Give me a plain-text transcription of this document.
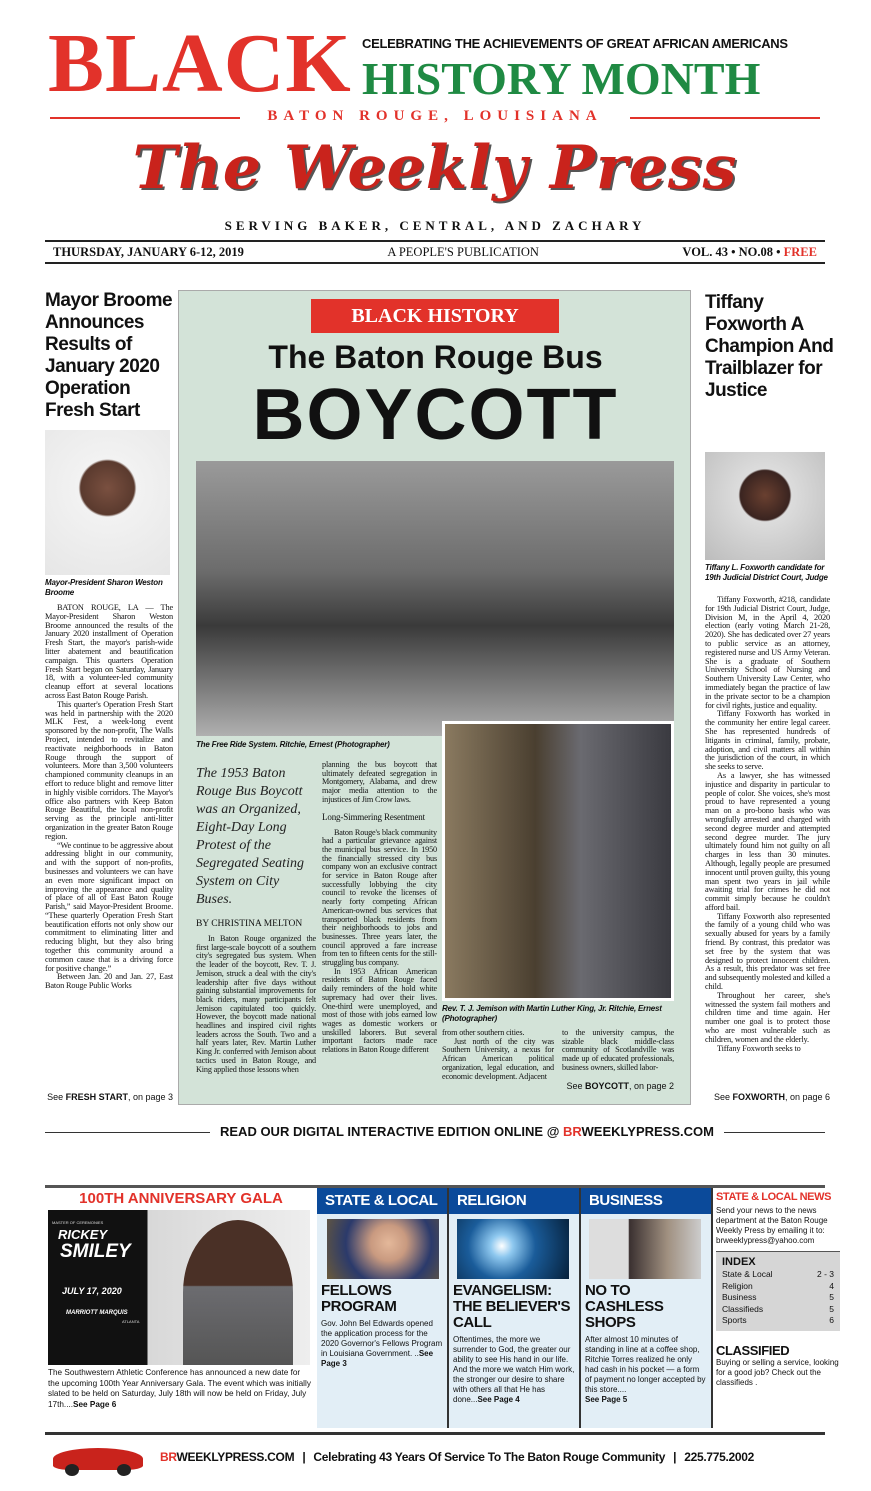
BLACK CELEBRATING THE ACHIEVEMENTS OF GREAT AFRICAN AMERICANS
HISTORY MONTH
BATON ROUGE, LOUISIANA
The Weekly Press
SERVING BAKER, CENTRAL, AND ZACHARY
THURSDAY, JANUARY 6-12, 2019	A PEOPLE'S PUBLICATION	VOL. 43 • NO.08 • FREE
Mayor Broome Announces Results of January 2020 Operation Fresh Start
Mayor-President Sharon Weston Broome

BATON ROUGE, LA — The Mayor-President Sharon Weston Broome announced the results of the January 2020 installment of Operation Fresh Start, the mayor's parish-wide litter abatement and beautification campaign. This quarters Operation Fresh Start began on Saturday, January 18, with a volunteer-led community cleanup effort at several locations across East Baton Rouge Parish.

This quarter's Operation Fresh Start was held in partnership with the 2020 MLK Fest, a week-long event sponsored by the non-profit, The Walls Project, intended to revitalize and reactivate neighborhoods in Baton Rouge through the support of volunteers. More than 3,500 volunteers championed community cleanups in an effort to reduce blight and remove litter in highly visible corridors. The Mayor's office also partners with Keep Baton Rouge Beautiful, the local non-profit serving as the principle anti-litter organization in the greater Baton Rouge region.

“We continue to be aggressive about addressing blight in our community, and with the support of non-profits, businesses and volunteers we can have an even more significant impact on improving the appearance and quality of place of all of East Baton Rouge Parish,” said Mayor-President Broome. “These quarterly Operation Fresh Start beautification efforts not only show our commitment to eliminating litter and reducing blight, but they also bring together this community around a common cause that is a driving force for positive change.”

Between Jan. 20 and Jan. 27, East Baton Rouge Public Works

See FRESH START, on page 3
BLACK HISTORY
The Baton Rouge Bus
BOYCOTT
The Free Ride System. Ritchie, Ernest (Photographer)
Rev. T. J. Jemison with Martin Luther King, Jr. Ritchie, Ernest (Photographer)
The 1953 Baton Rouge Bus Boycott was an Organized, Eight-Day Long Protest of the Segregated Seating System on City Buses.
BY CHRISTINA MELTON

In Baton Rouge organized the first large-scale boycott of a southern city's segregated bus system. When the leader of the boycott, Rev. T. J. Jemison, struck a deal with the city's leadership after five days without gaining substantial improvements for black riders, many participants felt Jemison capitulated too quickly. However, the boycott made national headlines and inspired civil rights leaders across the South. Two and a half years later, Rev. Martin Luther King Jr. conferred with Jemison about tactics used in Baton Rouge, and King applied those lessons when

planning the bus boycott that ultimately defeated segregation in Montgomery, Alabama, and drew major media attention to the injustices of Jim Crow laws.

Long-Simmering Resentment

Baton Rouge's black community had a particular grievance against the municipal bus service. In 1950 the financially stressed city bus company won an exclusive contract for service in Baton Rouge after successfully lobbying the city council to revoke the licenses of nearly forty competing African American-owned bus services that transported black residents from their neighborhoods to jobs and businesses. Three years later, the council approved a fare increase from ten to fifteen cents for the still-struggling bus company.

In 1953 African American residents of Baton Rouge faced daily reminders of the hold white supremacy had over their lives. One-third were unemployed, and most of those with jobs earned low wages as domestic workers or unskilled laborers. But several important factors made race relations in Baton Rouge different

from other southern cities.

Just north of the city was Southern University, a nexus for African American political organization, legal education, and economic development. Adjacent

to the university campus, the sizable black middle-class community of Scotlandville was made up of educated professionals, business owners, skilled labor-

See BOYCOTT, on page 2
Tiffany Foxworth A Champion And Trailblazer for Justice
Tiffany L. Foxworth candidate for 19th Judicial District Court, Judge

Tiffany Foxworth, #218, candidate for 19th Judicial District Court, Judge, Division M, in the April 4, 2020 election (early voting March 21-28, 2020). She has dedicated over 27 years to public service as an attorney, registered nurse and US Army Veteran. She is a graduate of Southern University School of Nursing and Southern University Law Center, who immediately began the practice of law in the private sector to be a champion for civil rights, justice and equality.

Tiffany Foxworth has worked in the community her entire legal career. She has represented hundreds of litigants in criminal, family, probate, adoption, and civil matters all within the jurisdiction of the court, in which she seeks to serve.

As a lawyer, she has witnessed injustice and disparity in particular to people of color. She voices, she's most proud to have represented a young man on a pro-bono basis who was wrongfully arrested and charged with second degree murder and attempted second degree murder. The jury ultimately found him not guilty on all charges in less than 30 minutes. Although, legally people are presumed innocent until proven guilty, this young man spent two years in jail while awaiting trial for crimes he did not commit simply because he couldn't afford bail.

Tiffany Foxworth also represented the family of a young child who was sexually abused for years by a family friend. By contrast, this predator was set free by the system that was designed to protect innocent children. As a result, this predator was set free and subsequently molested and killed a child.

Throughout her career, she's witnessed the system fail mothers and children time and time again. Her number one goal is to protect those who are most vulnerable such as children, women and the elderly.

Tiffany Foxworth seeks to

See FOXWORTH, on page 6
READ OUR DIGITAL INTERACTIVE EDITION ONLINE @ BRWEEKLYPRESS.COM
100TH ANNIVERSARY GALA
MASTER OF CEREMONIES
RICKEY
SMILEY
JULY 17, 2020
MARRIOTT MARQUIS
ATLANTA
The Southwestern Athletic Conference has announced a new date for the upcoming 100th Year Anniversary Gala. The event which was initially slated to be held on Saturday, July 18th will now be held on Friday, July 17th....See Page 6
STATE & LOCAL
FELLOWS PROGRAM
Gov. John Bel Edwards opened the application process for the 2020 Governor's Fellows Program in Louisiana Government. ..See Page 3
RELIGION
EVANGELISM: THE BELIEVER'S CALL
Oftentimes, the more we surrender to God, the greater our ability to see His hand in our life. And the more we watch Him work, the stronger our desire to share with others all that He has done...See Page 4
BUSINESS
NO TO CASHLESS SHOPS
After almost 10 minutes of standing in line at a coffee shop, Ritchie Torres realized he only had cash in his pocket — a form of payment no longer accepted by this store....
See Page 5
STATE & LOCAL NEWS
Send your news to the news department at the Baton Rouge Weekly Press by emailing it to: brweeklypress@yahoo.com
INDEX
State & Local	2 - 3
Religion	4
Business	5
Classifieds	5
Sports	6
CLASSIFIED
Buying or selling a service, looking for a good job? Check out the classifieds .
BRWEEKLYPRESS.COM | Celebrating 43 Years Of Service To The Baton Rouge Community | 225.775.2002
